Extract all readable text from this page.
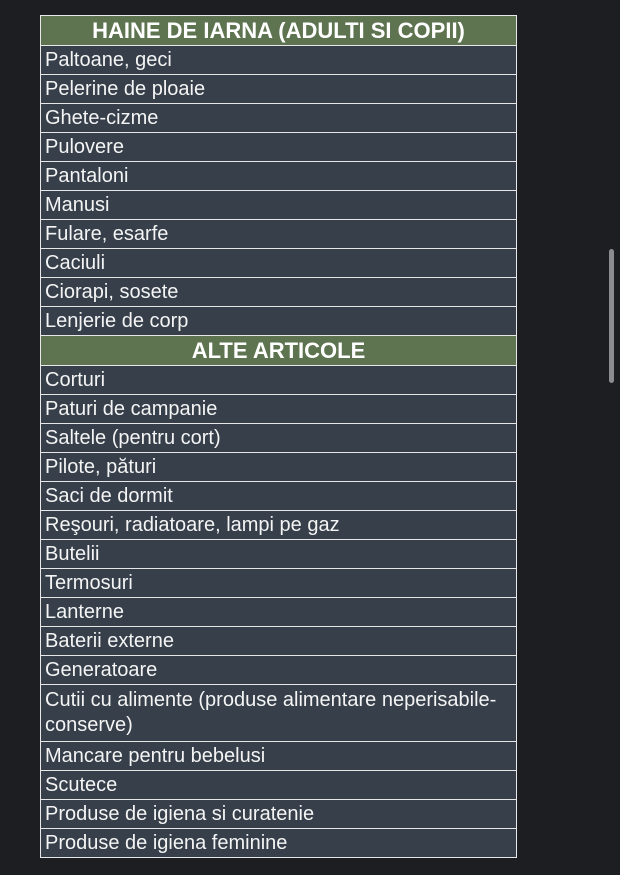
HAINE DE IARNA (ADULTI SI COPII)
Paltoane, geci
Pelerine de ploaie
Ghete-cizme
Pulovere
Pantaloni
Manusi
Fulare, esarfe
Caciuli
Ciorapi, sosete
Lenjerie de corp
ALTE ARTICOLE
Corturi
Paturi de campanie
Saltele (pentru cort)
Pilote, pături
Saci de dormit
Reşouri, radiatoare, lampi pe gaz
Butelii
Termosuri
Lanterne
Baterii externe
Generatoare
Cutii cu alimente (produse alimentare neperisabile-conserve)
Mancare pentru bebelusi
Scutece
Produse de igiena si curatenie
Produse de igiena feminine
